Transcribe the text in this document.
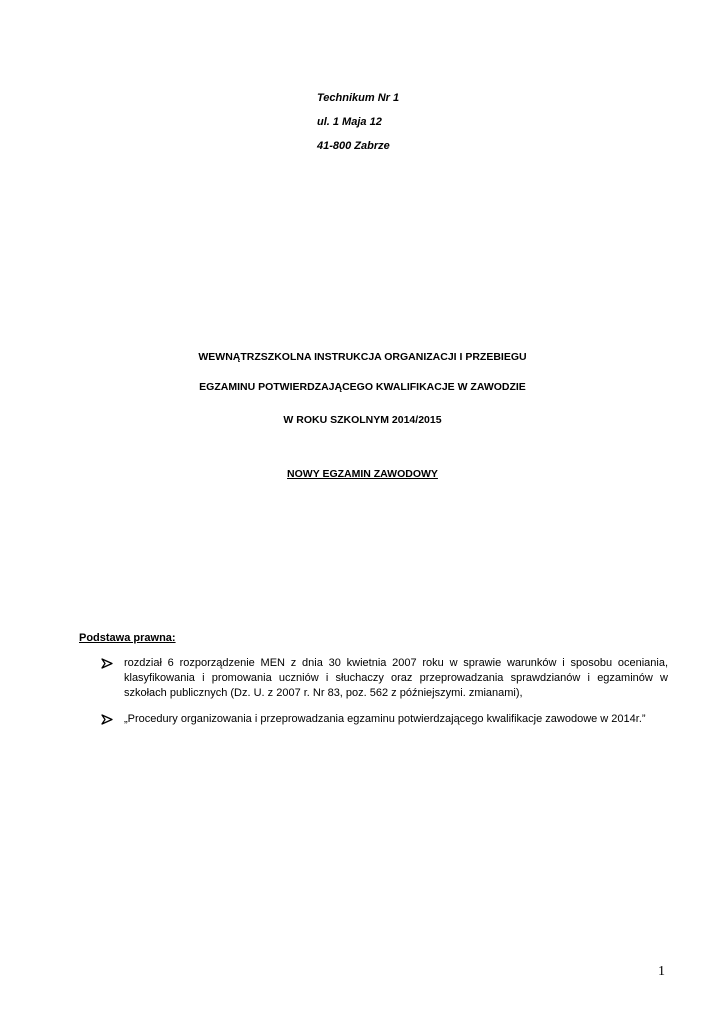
Technikum Nr 1
ul. 1 Maja 12
41-800 Zabrze
WEWNĄTRZSZKOLNA INSTRUKCJA ORGANIZACJI I PRZEBIEGU
EGZAMINU POTWIERDZAJĄCEGO KWALIFIKACJE W ZAWODZIE
W ROKU SZKOLNYM 2014/2015
NOWY EGZAMIN ZAWODOWY
Podstawa prawna:
rozdział 6 rozporządzenie MEN z dnia 30 kwietnia 2007 roku w sprawie warunków i sposobu oceniania, klasyfikowania i promowania uczniów i słuchaczy oraz przeprowadzania sprawdzianów i egzaminów w szkołach publicznych (Dz. U. z 2007 r. Nr 83, poz. 562 z późniejszymi. zmianami),
„Procedury organizowania i przeprowadzania egzaminu potwierdzającego kwalifikacje zawodowe w 2014r.”
1
